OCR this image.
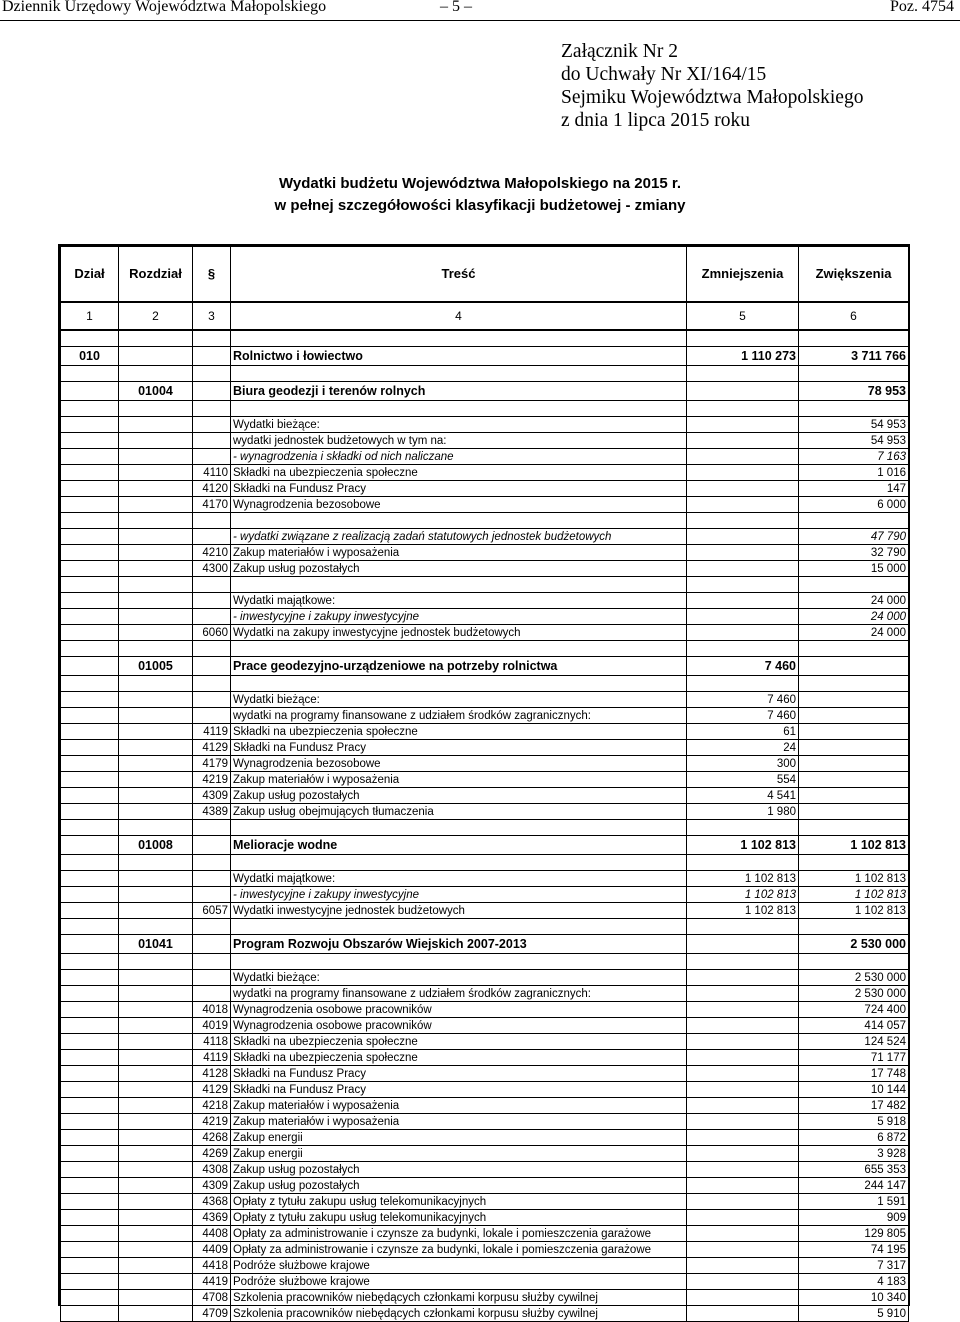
Dziennik Urzędowy Województwa Małopolskiego	– 5 –	Poz. 4754
Załącznik Nr 2
do Uchwały Nr XI/164/15
Sejmiku Województwa Małopolskiego
z dnia 1 lipca 2015 roku
Wydatki budżetu Województwa Małopolskiego na 2015 r.
w pełnej szczegółowości klasyfikacji budżetowej - zmiany
Dział	Rozdział	§	Treść	Zmniejszenia	Zwiększenia
1	2	3	4	5	6

010			Rolnictwo i łowiectwo	1 110 273	3 711 766

	01004		Biura geodezji i terenów rolnych		78 953

			Wydatki bieżące:		54 953
			wydatki jednostek budżetowych w tym na:		54 953
			- wynagrodzenia i składki od nich naliczane		7 163
		4110	Składki na ubezpieczenia społeczne		1 016
		4120	Składki na Fundusz Pracy		147
		4170	Wynagrodzenia bezosobowe		6 000

			- wydatki związane z realizacją zadań statutowych jednostek budżetowych		47 790
		4210	Zakup materiałów i wyposażenia		32 790
		4300	Zakup usług pozostałych		15 000

			Wydatki majątkowe:		24 000
			- inwestycyjne i zakupy inwestycyjne		24 000
		6060	Wydatki na zakupy inwestycyjne jednostek budżetowych		24 000

	01005		Prace geodezyjno-urządzeniowe na potrzeby rolnictwa	7 460	

			Wydatki bieżące:	7 460	
			wydatki na programy finansowane z udziałem środków zagranicznych:	7 460	
		4119	Składki na ubezpieczenia społeczne	61	
		4129	Składki na Fundusz Pracy	24	
		4179	Wynagrodzenia bezosobowe	300	
		4219	Zakup materiałów i wyposażenia	554	
		4309	Zakup usług pozostałych	4 541	
		4389	Zakup usług obejmujących tłumaczenia	1 980	

	01008		Melioracje wodne	1 102 813	1 102 813

			Wydatki majątkowe:	1 102 813	1 102 813
			- inwestycyjne i zakupy inwestycyjne	1 102 813	1 102 813
		6057	Wydatki inwestycyjne jednostek budżetowych	1 102 813	1 102 813

	01041		Program Rozwoju Obszarów Wiejskich 2007-2013		2 530 000

			Wydatki bieżące:		2 530 000
			wydatki na programy finansowane z udziałem środków zagranicznych:		2 530 000
		4018	Wynagrodzenia osobowe pracowników		724 400
		4019	Wynagrodzenia osobowe pracowników		414 057
		4118	Składki na ubezpieczenia społeczne		124 524
		4119	Składki na ubezpieczenia społeczne		71 177
		4128	Składki na Fundusz Pracy		17 748
		4129	Składki na Fundusz Pracy		10 144
		4218	Zakup materiałów i wyposażenia		17 482
		4219	Zakup materiałów i wyposażenia		5 918
		4268	Zakup energii		6 872
		4269	Zakup energii		3 928
		4308	Zakup usług pozostałych		655 353
		4309	Zakup usług pozostałych		244 147
		4368	Opłaty z tytułu zakupu usług telekomunikacyjnych		1 591
		4369	Opłaty z tytułu zakupu usług telekomunikacyjnych		909
		4408	Opłaty za administrowanie i czynsze za budynki, lokale i pomieszczenia garażowe		129 805
		4409	Opłaty za administrowanie i czynsze za budynki, lokale i pomieszczenia garażowe		74 195
		4418	Podróże służbowe krajowe		7 317
		4419	Podróże służbowe krajowe		4 183
		4708	Szkolenia pracowników niebędących członkami korpusu służby cywilnej		10 340
		4709	Szkolenia pracowników niebędących członkami korpusu służby cywilnej		5 910
